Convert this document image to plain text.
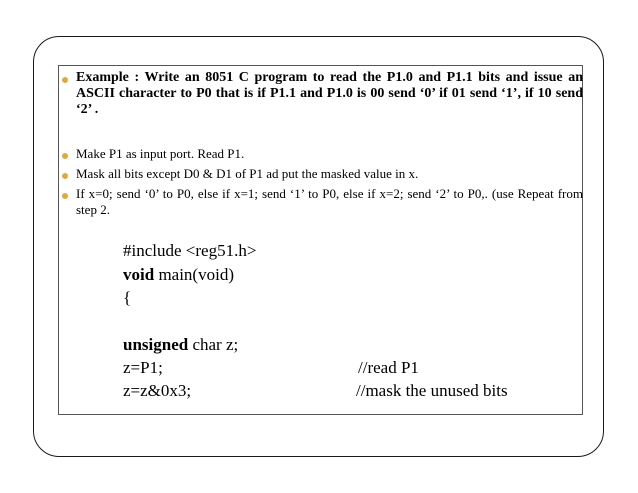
Example : Write an 8051 C program to read the P1.0 and P1.1 bits and issue an ASCII character to P0 that is if P1.1 and P1.0 is 00 send ‘0’ if 01 send ‘1’, if 10 send ‘2’ .
Make P1 as input port. Read P1.
Mask all bits except D0 & D1 of P1 ad put the masked value in x.
If x=0; send ‘0’ to P0, else if x=1; send ‘1’ to P0, else if x=2; send ‘2’ to P0,. (use Repeat from step 2.
#include <reg51.h>
void main(void)
{
unsigned char z;
z=P1;	//read P1
z=z&0x3;	//mask the unused bits
